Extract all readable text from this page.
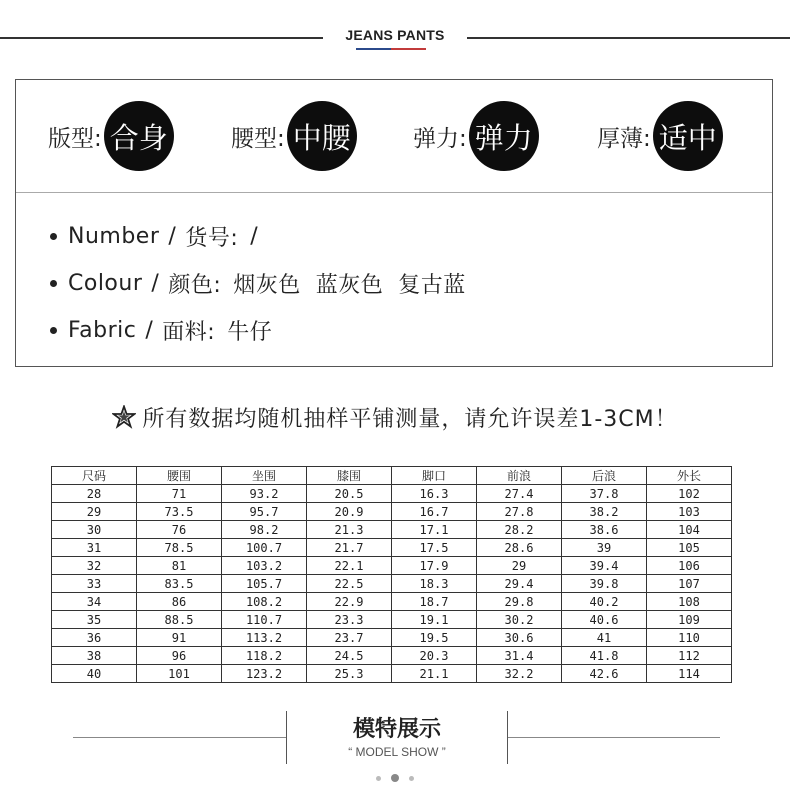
JEANS PANTS
版型: 合身	腰型: 中腰	弹力: 弹力	厚薄: 适中
Number / 货号: /
Colour / 颜色: 烟灰色  蓝灰色  复古蓝
Fabric / 面料: 牛仔
所有数据均随机抽样平铺测量，请允许误差1-3CM！
尺码	腰围	坐围	膝围	脚口	前浪	后浪	外长
28	71	93.2	20.5	16.3	27.4	37.8	102
29	73.5	95.7	20.9	16.7	27.8	38.2	103
30	76	98.2	21.3	17.1	28.2	38.6	104
31	78.5	100.7	21.7	17.5	28.6	39	105
32	81	103.2	22.1	17.9	29	39.4	106
33	83.5	105.7	22.5	18.3	29.4	39.8	107
34	86	108.2	22.9	18.7	29.8	40.2	108
35	88.5	110.7	23.3	19.1	30.2	40.6	109
36	91	113.2	23.7	19.5	30.6	41	110
38	96	118.2	24.5	20.3	31.4	41.8	112
40	101	123.2	25.3	21.1	32.2	42.6	114
模特展示
“ MODEL SHOW ”
